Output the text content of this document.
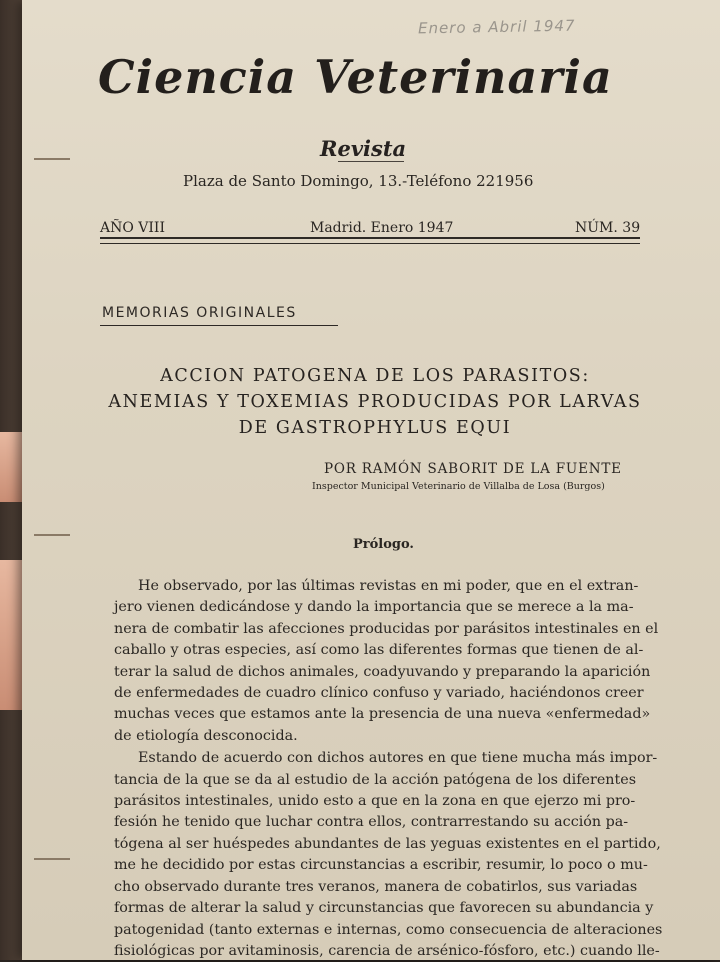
Enero a Abril 1947
Ciencia Veterinaria
Revista
Plaza de Santo Domingo, 13.-Teléfono 221956
AÑO VIII	Madrid. Enero 1947	NÚM. 39
MEMORIAS ORIGINALES
ACCION PATOGENA DE LOS PARASITOS:
ANEMIAS Y TOXEMIAS PRODUCIDAS POR LARVAS
DE GASTROPHYLUS EQUI
POR RAMÓN SABORIT DE LA FUENTE
Inspector Municipal Veterinario de Villalba de Losa (Burgos)
Prólogo.

He observado, por las últimas revistas en mi poder, que en el extran-
jero vienen dedicándose y dando la importancia que se merece a la ma-
nera de combatir las afecciones producidas por parásitos intestinales en el
caballo y otras especies, así como las diferentes formas que tienen de al-
terar la salud de dichos animales, coadyuvando y preparando la aparición
de enfermedades de cuadro clínico confuso y variado, haciéndonos creer
muchas veces que estamos ante la presencia de una nueva «enfermedad»
de etiología desconocida.

Estando de acuerdo con dichos autores en que tiene mucha más impor-
tancia de la que se da al estudio de la acción patógena de los diferentes
parásitos intestinales, unido esto a que en la zona en que ejerzo mi pro-
fesión he tenido que luchar contra ellos, contrarrestando su acción pa-
tógena al ser huéspedes abundantes de las yeguas existentes en el partido,
me he decidido por estas circunstancias a escribir, resumir, lo poco o mu-
cho observado durante tres veranos, manera de cobatirlos, sus variadas
formas de alterar la salud y circunstancias que favorecen su abundancia y
patogenidad (tanto externas e internas, como consecuencia de alteraciones
fisiológicas por avitaminosis, carencia de arsénico-fósforo, etc.) cuando lle-
